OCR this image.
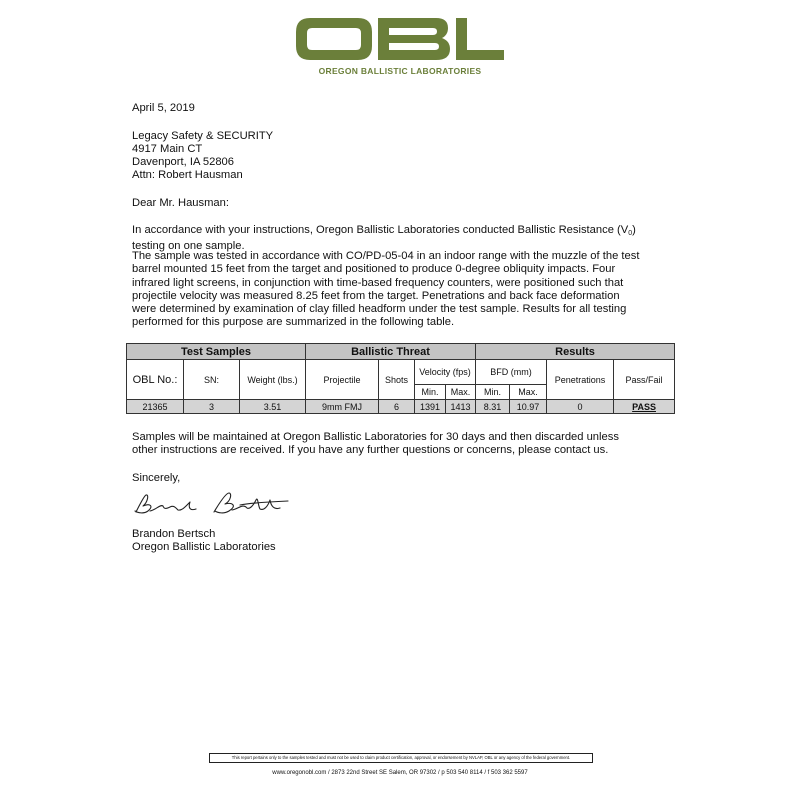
OREGON BALLISTIC LABORATORIES
April 5, 2019
Legacy Safety & SECURITY
4917 Main CT
Davenport, IA 52806
Attn: Robert Hausman
Dear Mr. Hausman:
In accordance with your instructions, Oregon Ballistic Laboratories conducted Ballistic Resistance $(V_0)$
testing on one sample.
The sample was tested in accordance with CO/PD-05-04 in an indoor range with the muzzle of the test
barrel mounted 15 feet from the target and positioned to produce 0-degree obliquity impacts. Four
infrared light screens, in conjunction with time-based frequency counters, were positioned such that
projectile velocity was measured 8.25 feet from the target. Penetrations and back face deformation
were determined by examination of clay filled headform under the test sample. Results for all testing
performed for this purpose are summarized in the following table.
Test Samples			Ballistic Threat				Results			
OBL No.:	SN:	Weight (lbs.)	Projectile	Shots	Velocity (fps)		BFD (mm)		Penetrations	Pass/Fail
					Min.	Max.	Min.	Max.		
21365	3	3.51	9mm FMJ	6	1391	1413	8.31	10.97	0	PASS
Samples will be maintained at Oregon Ballistic Laboratories for 30 days and then discarded unless
other instructions are received. If you have any further questions or concerns, please contact us.
Sincerely,
Brandon Bertsch
Oregon Ballistic Laboratories
This report pertains only to the samples tested and must not be used to claim product certification, approval, or endorsement by NVLAP, OBL or any agency of the federal government.
www.oregonobl.com / 2873 22nd Street SE Salem, OR 97302 / p 503 540 8114 / f 503 362 5597
